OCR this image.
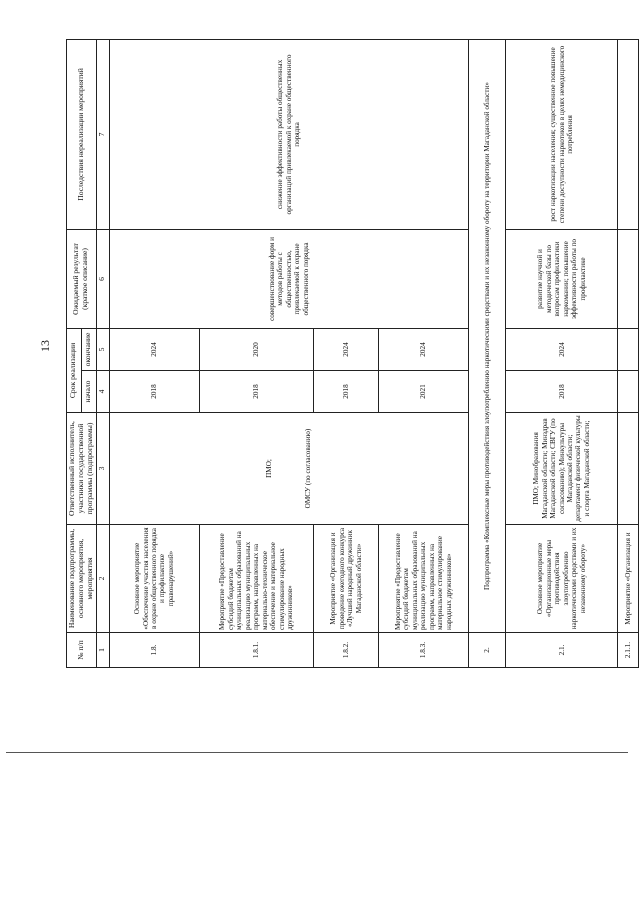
13
№ п/п	Наименование подпрограммы, основного мероприятия, мероприятия	Ответственный исполнитель, участники государственной программы (подпрограммы)	Срок реализации		Ожидаемый результат (краткое описание)	Последствия нереализации мероприятий
			начало	окончание		
1	2	3	4	5	6	7
1.8.	Основное мероприятие «Обеспечение участия населения в охране общественного порядка и профилактике правонарушений»	ПМО; ОМСУ (по согласованию)	2018	2024	совершенствование форм и методов работы с общественностью, привлекаемой к охране общественного порядка	снижение эффективности работы общественных организаций привлекаемой к охране общественного порядка
1.8.1.	Мероприятие «Предоставление субсидий бюджетам муниципальных образований на реализацию муниципальных программ, направленных на материально-техническое обеспечение и материальное стимулирование народных дружинников»		2018	2020		
1.8.2.	Мероприятие «Организация и проведение ежегодного конкурса «Лучший народный дружинник Магаданской области»		2018	2024		
1.8.3.	Мероприятие «Предоставление субсидий бюджетам муниципальных образований на реализацию муниципальных программ, направленных на материальное стимулирование народных дружинников»		2021	2024		
2.	Подпрограмма «Комплексные меры противодействия злоупотреблению наркотическими средствами и их незаконному обороту на территории Магаданской области»					
2.1.	Основное мероприятие «Организационные меры противодействия злоупотреблению наркотическими средствами и их незаконному обороту»	ПМО; Минобразования Магаданской области; Минздрав Магаданской области; СВГУ (по согласованию); Минкультуры Магаданской области; департамент физической культуры и спорта Магаданской области;	2018	2024	развитие научной и методической базы по вопросам профилактики наркомании; повышение эффективности работы по профилактике	рост наркотизации населения; существенное повышение степени доступности наркотиков в целях немедицинского потребления
2.1.1.	Мероприятие «Организация и					
